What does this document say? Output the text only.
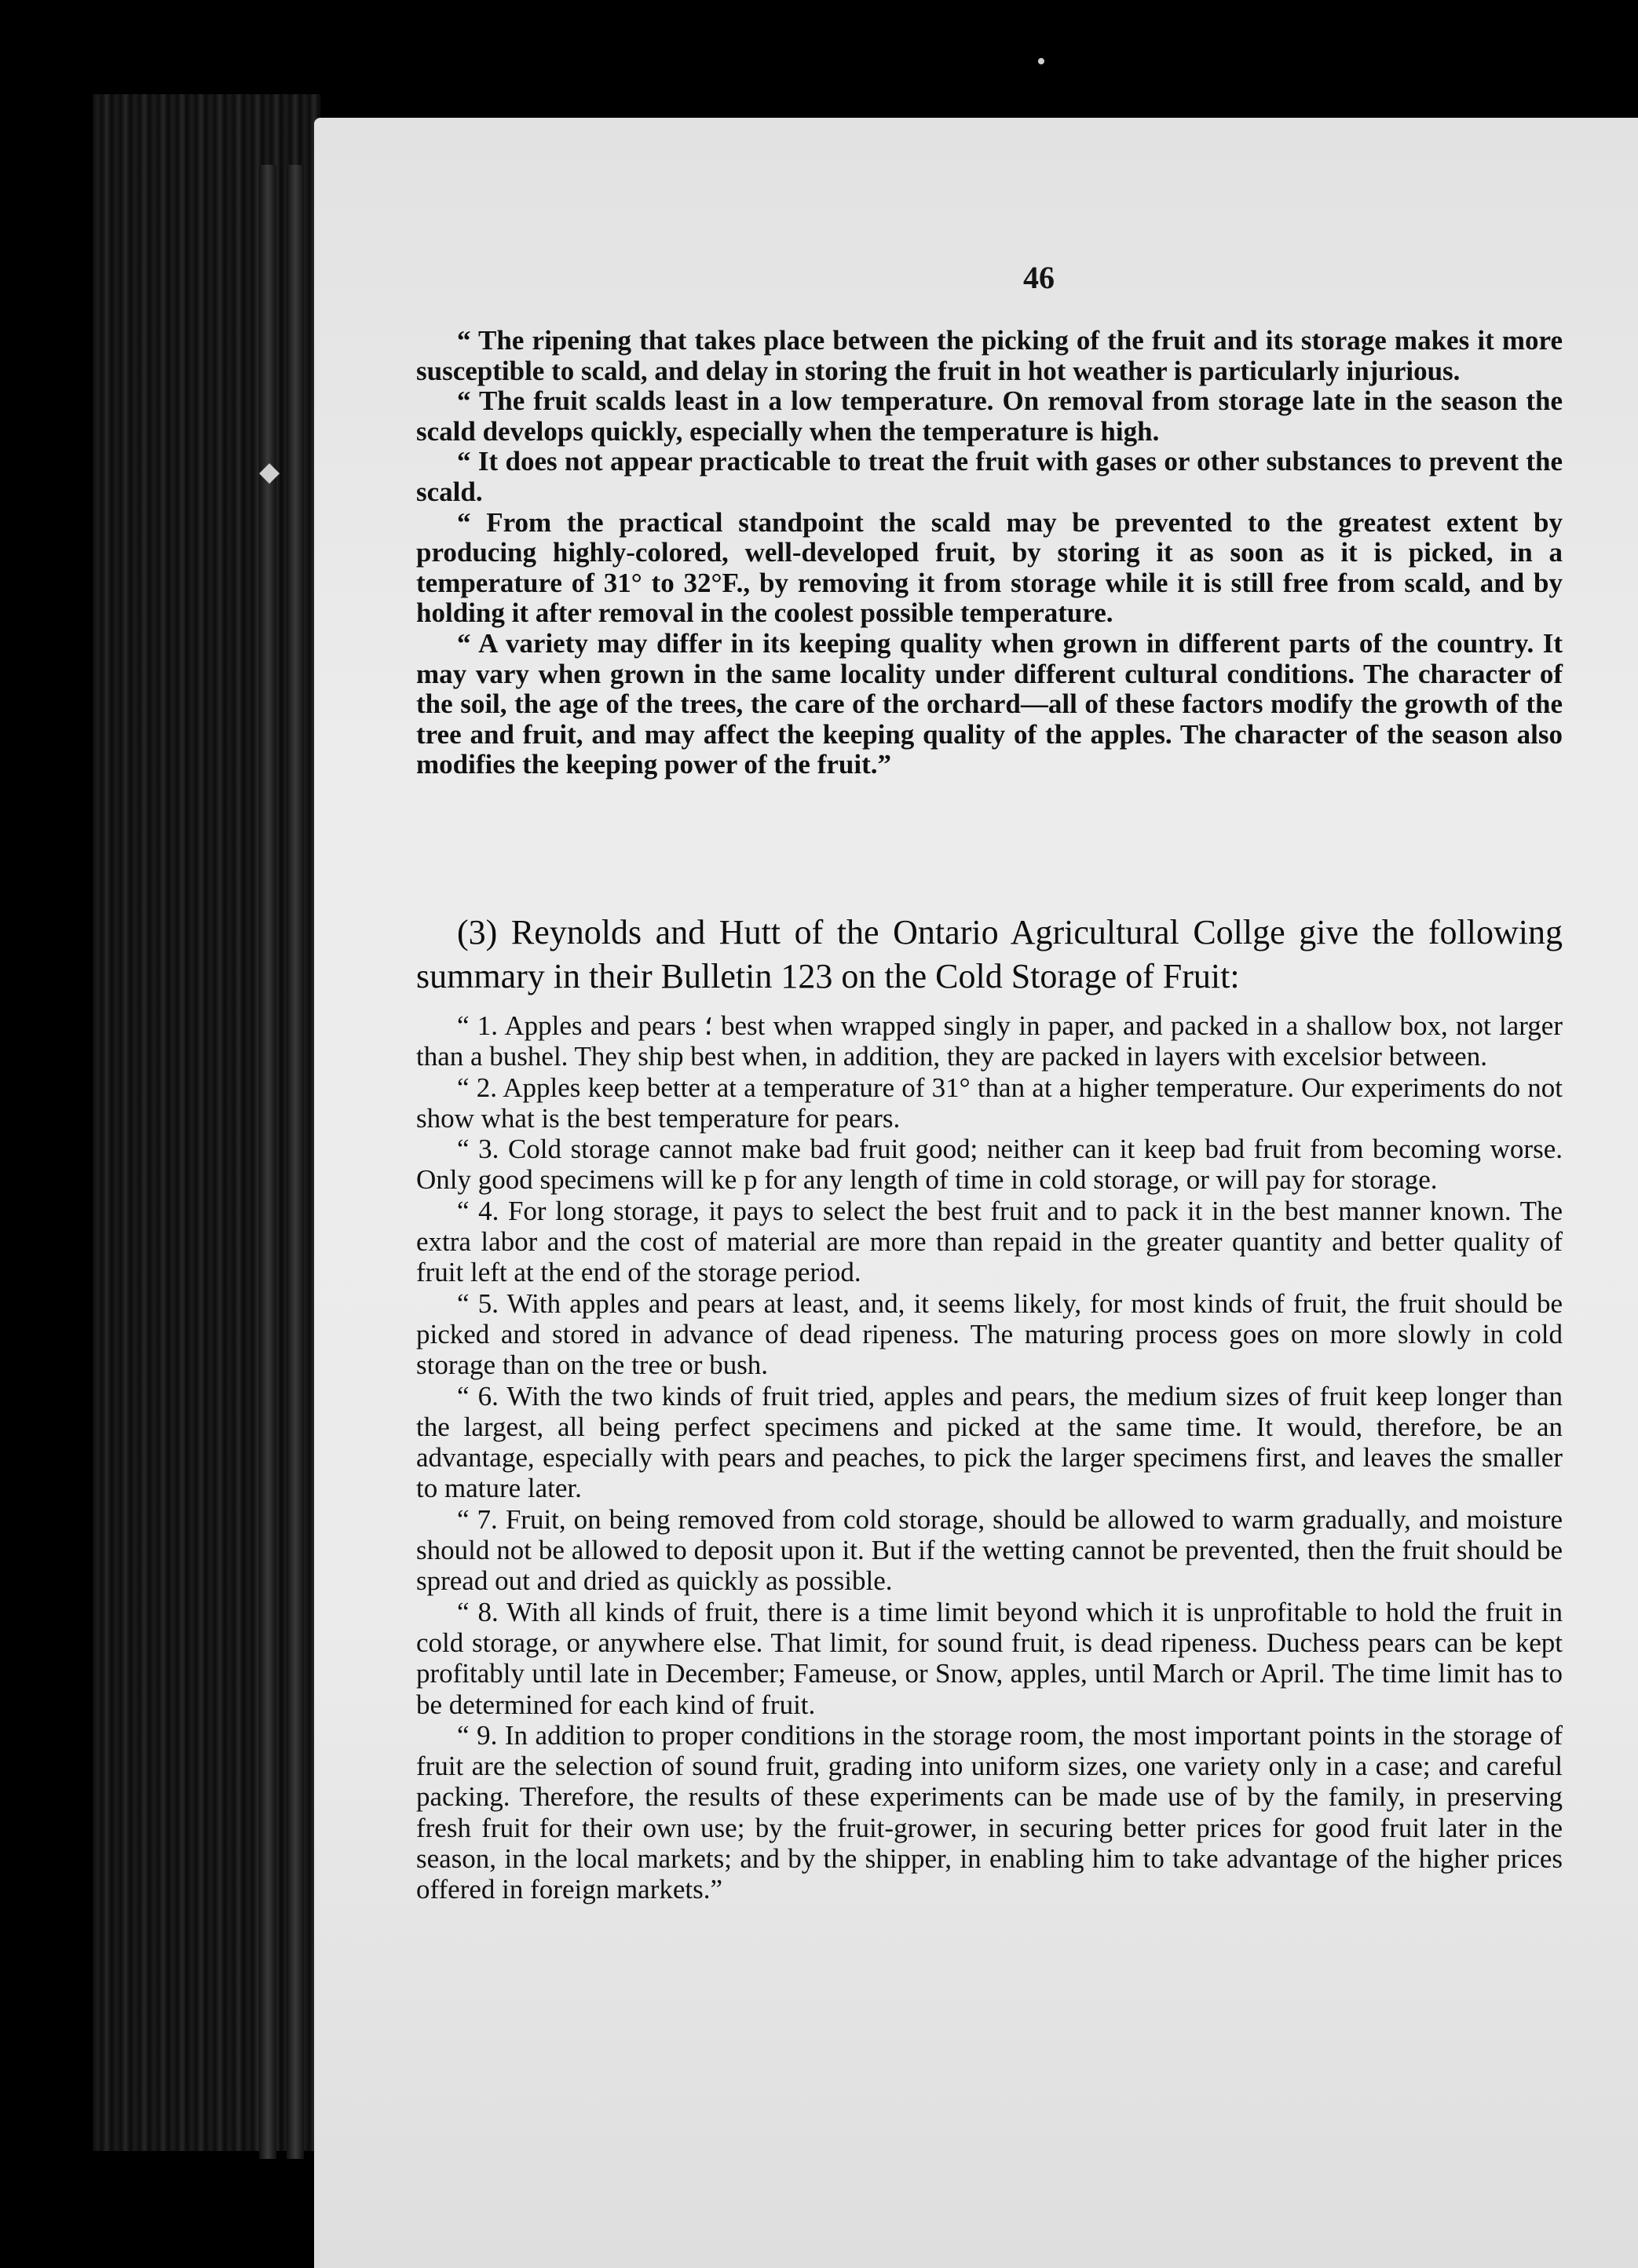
•
◆
46

“ The ripening that takes place between the picking of the fruit and its storage makes it more susceptible to scald, and delay in storing the fruit in hot weather is particularly injurious.

“ The fruit scalds least in a low temperature. On removal from storage late in the season the scald develops quickly, especially when the temperature is high.

“ It does not appear practicable to treat the fruit with gases or other substances to prevent the scald.

“ From the practical standpoint the scald may be prevented to the greatest extent by producing highly-colored, well-developed fruit, by storing it as soon as it is picked, in a temperature of 31° to 32°F., by removing it from storage while it is still free from scald, and by holding it after removal in the coolest possible temperature.

“ A variety may differ in its keeping quality when grown in different parts of the country. It may vary when grown in the same locality under different cultural conditions. The character of the soil, the age of the trees, the care of the orchard—all of these factors modify the growth of the tree and fruit, and may affect the keeping quality of the apples. The character of the season also modifies the keeping power of the fruit.”

(3) Reynolds and Hutt of the Ontario Agricultural Collge give the following summary in their Bulletin 123 on the Cold Storage of Fruit:

“ 1. Apples and pears ؛ best when wrapped singly in paper, and packed in a shallow box, not larger than a bushel. They ship best when, in addition, they are packed in layers with excelsior between.

“ 2. Apples keep better at a temperature of 31° than at a higher temperature. Our experiments do not show what is the best temperature for pears.

“ 3. Cold storage cannot make bad fruit good; neither can it keep bad fruit from becoming worse. Only good specimens will ke p for any length of time in cold storage, or will pay for storage.

“ 4. For long storage, it pays to select the best fruit and to pack it in the best manner known. The extra labor and the cost of material are more than repaid in the greater quantity and better quality of fruit left at the end of the storage period.

“ 5. With apples and pears at least, and, it seems likely, for most kinds of fruit, the fruit should be picked and stored in advance of dead ripeness. The maturing process goes on more slowly in cold storage than on the tree or bush.

“ 6. With the two kinds of fruit tried, apples and pears, the medium sizes of fruit keep longer than the largest, all being perfect specimens and picked at the same time. It would, therefore, be an advantage, especially with pears and peaches, to pick the larger specimens first, and leaves the smaller to mature later.

“ 7. Fruit, on being removed from cold storage, should be allowed to warm gradually, and moisture should not be allowed to deposit upon it. But if the wetting cannot be prevented, then the fruit should be spread out and dried as quickly as possible.

“ 8. With all kinds of fruit, there is a time limit beyond which it is unprofitable to hold the fruit in cold storage, or anywhere else. That limit, for sound fruit, is dead ripeness. Duchess pears can be kept profitably until late in December; Fameuse, or Snow, apples, until March or April. The time limit has to be determined for each kind of fruit.

“ 9. In addition to proper conditions in the storage room, the most important points in the storage of fruit are the selection of sound fruit, grading into uniform sizes, one variety only in a case; and careful packing. Therefore, the results of these experiments can be made use of by the family, in preserving fresh fruit for their own use; by the fruit-grower, in securing better prices for good fruit later in the season, in the local markets; and by the shipper, in enabling him to take advantage of the higher prices offered in foreign markets.”
